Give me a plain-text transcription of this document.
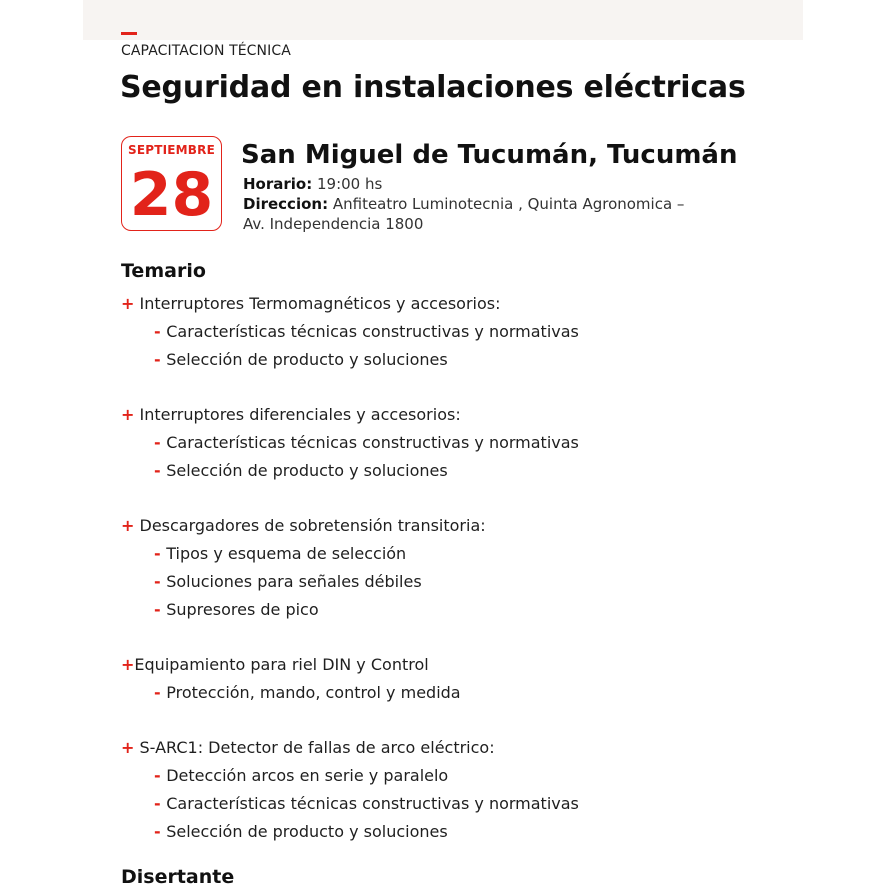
CAPACITACION TÉCNICA
Seguridad en instalaciones eléctricas
SEPTIEMBRE
28
San Miguel de Tucumán, Tucumán
Horario: 19:00 hs
Direccion: Anfiteatro Luminotecnia , Quinta Agronomica –
Av. Independencia 1800
Temario
+ Interruptores Termomagnéticos y accesorios:
- Características técnicas constructivas y normativas
- Selección de producto y soluciones
+ Interruptores diferenciales y accesorios:
- Características técnicas constructivas y normativas
- Selección de producto y soluciones
+ Descargadores de sobretensión transitoria:
- Tipos y esquema de selección
- Soluciones para señales débiles
- Supresores de pico
+Equipamiento para riel DIN y Control
- Protección, mando, control y medida
+ S-ARC1: Detector de fallas de arco eléctrico:
- Detección arcos en serie y paralelo
- Características técnicas constructivas y normativas
- Selección de producto y soluciones
Disertante
